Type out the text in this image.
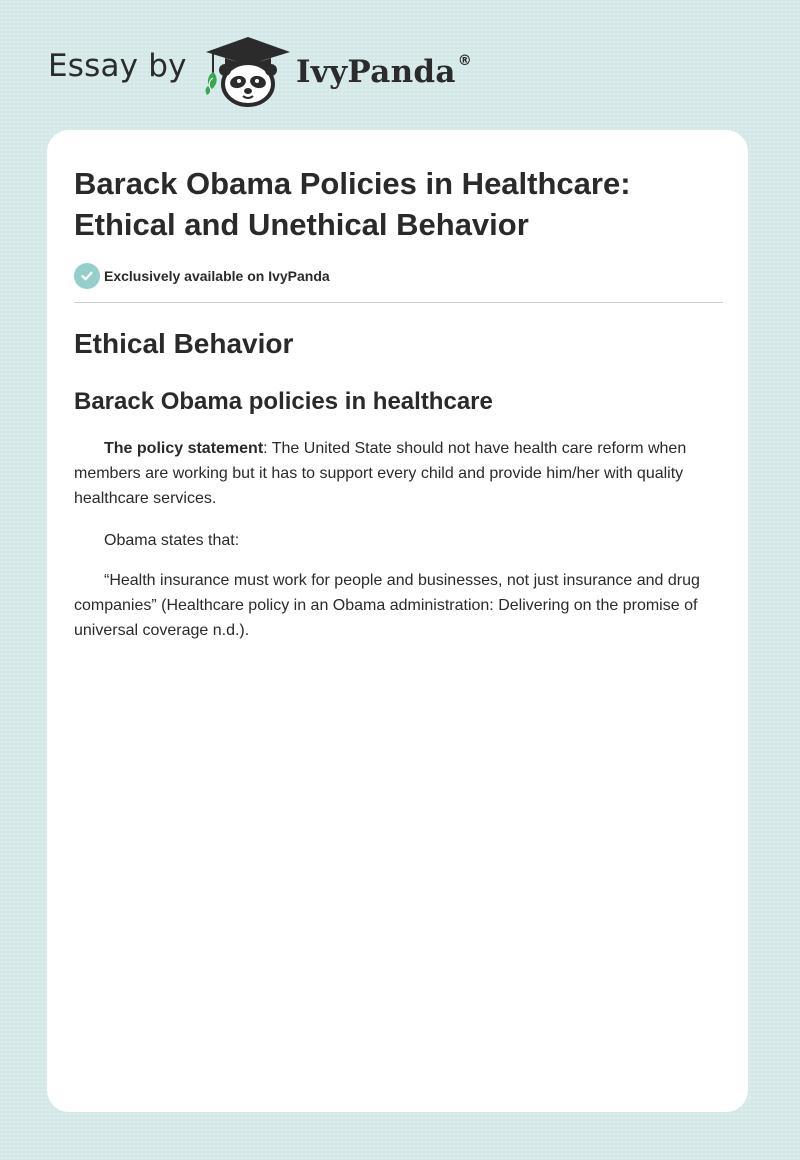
Essay by	IvyPanda ®
Barack Obama Policies in Healthcare:
Ethical and Unethical Behavior
Exclusively available on IvyPanda
Ethical Behavior
Barack Obama policies in healthcare

The policy statement: The United State should not have health care reform when members are working but it has to support every child and provide him/her with quality healthcare services.

Obama states that:

“Health insurance must work for people and businesses, not just insurance and drug companies” (Healthcare policy in an Obama administration: Delivering on the promise of universal coverage n.d.).
